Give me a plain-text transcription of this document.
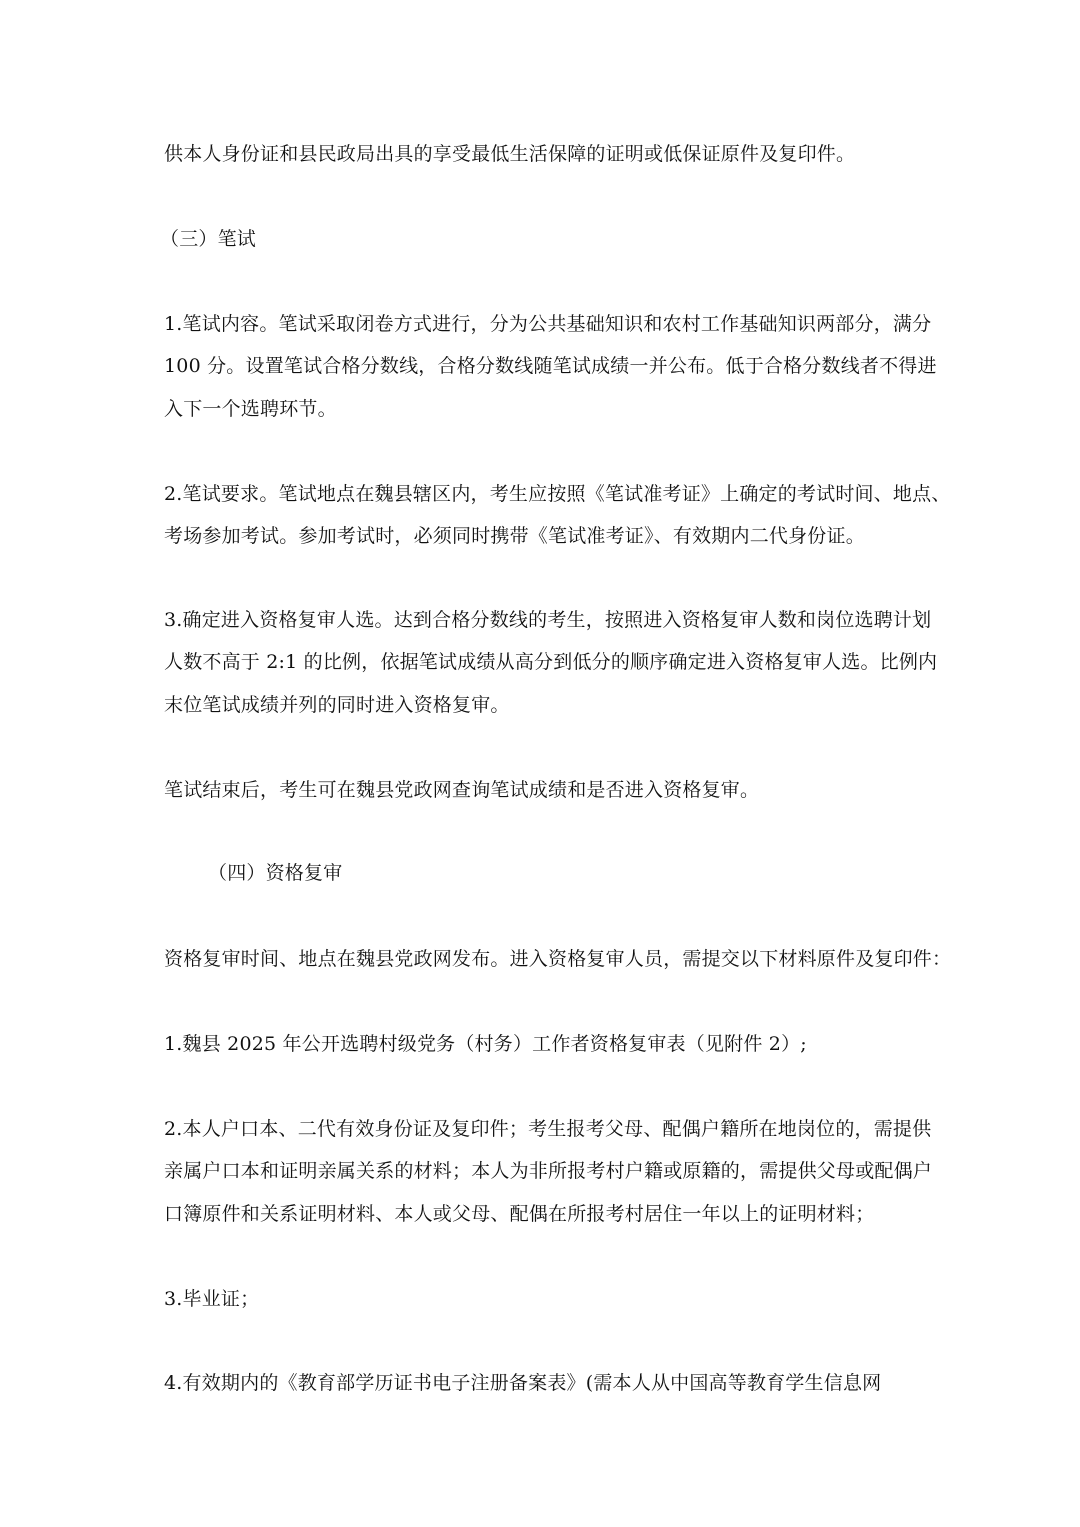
供本人身份证和县民政局出具的享受最低生活保障的证明或低保证原件及复印件。
（三）笔试
1.笔试内容。笔试采取闭卷方式进行，分为公共基础知识和农村工作基础知识两部分，满分
100 分。设置笔试合格分数线，合格分数线随笔试成绩一并公布。低于合格分数线者不得进
入下一个选聘环节。
2.笔试要求。笔试地点在魏县辖区内，考生应按照《笔试准考证》上确定的考试时间、地点、
考场参加考试。参加考试时，必须同时携带《笔试准考证》、有效期内二代身份证。
3.确定进入资格复审人选。达到合格分数线的考生，按照进入资格复审人数和岗位选聘计划
人数不高于 2:1 的比例，依据笔试成绩从高分到低分的顺序确定进入资格复审人选。比例内
末位笔试成绩并列的同时进入资格复审。
笔试结束后，考生可在魏县党政网查询笔试成绩和是否进入资格复审。
（四）资格复审
资格复审时间、地点在魏县党政网发布。进入资格复审人员，需提交以下材料原件及复印件：
1.魏县 2025 年公开选聘村级党务（村务）工作者资格复审表（见附件 2）;
2.本人户口本、二代有效身份证及复印件；考生报考父母、配偶户籍所在地岗位的，需提供
亲属户口本和证明亲属关系的材料；本人为非所报考村户籍或原籍的，需提供父母或配偶户
口簿原件和关系证明材料、本人或父母、配偶在所报考村居住一年以上的证明材料；
3.毕业证；
4.有效期内的《教育部学历证书电子注册备案表》(需本人从中国高等教育学生信息网
